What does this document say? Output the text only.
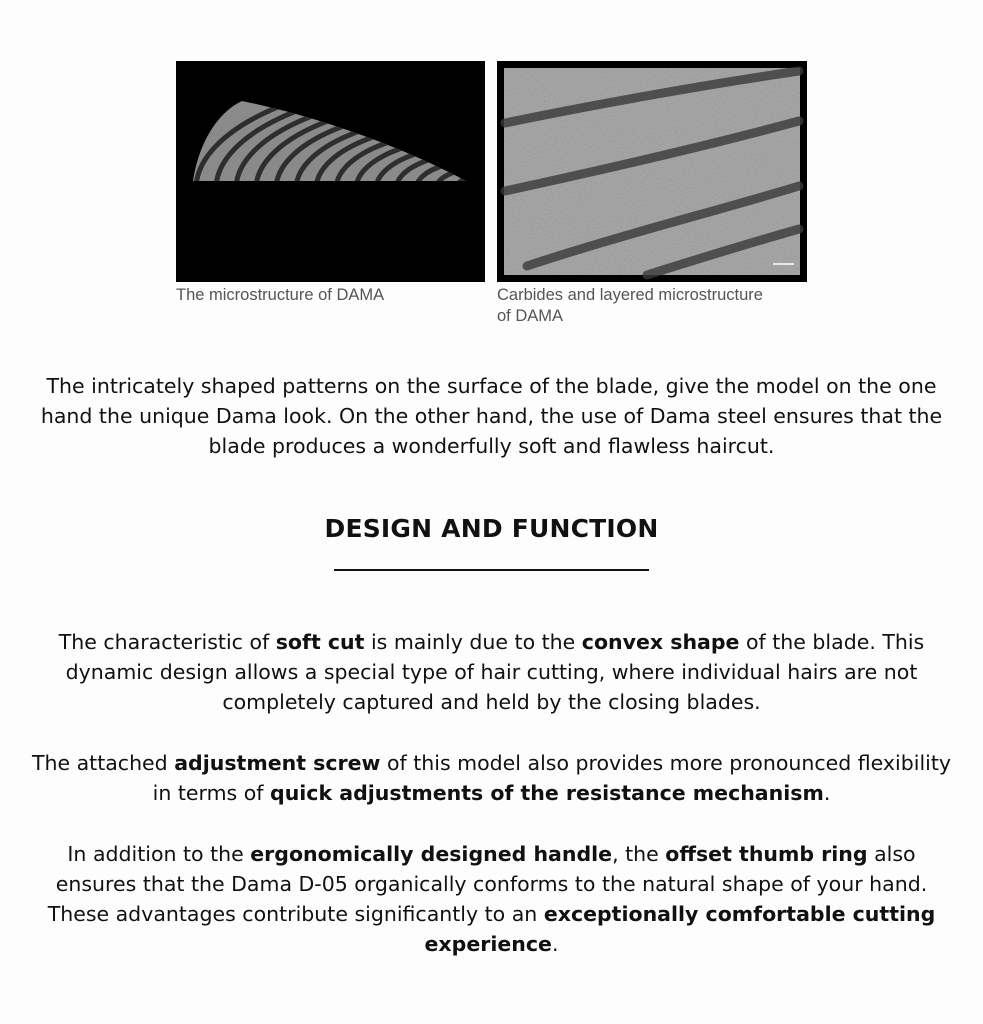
The microstructure of DAMA	Carbides and layered microstructure
of DAMA

The intricately shaped patterns on the surface of the blade, give the model on the one hand the unique Dama look. On the other hand, the use of Dama steel ensures that the blade produces a wonderfully soft and flawless haircut.

DESIGN AND FUNCTION

The characteristic of soft cut is mainly due to the convex shape of the blade. This dynamic design allows a special type of hair cutting, where individual hairs are not completely captured and held by the closing blades.

The attached adjustment screw of this model also provides more pronounced flexibility in terms of quick adjustments of the resistance mechanism.

In addition to the ergonomically designed handle, the offset thumb ring also ensures that the Dama D-05 organically conforms to the natural shape of your hand. These advantages contribute significantly to an exceptionally comfortable cutting experience.
